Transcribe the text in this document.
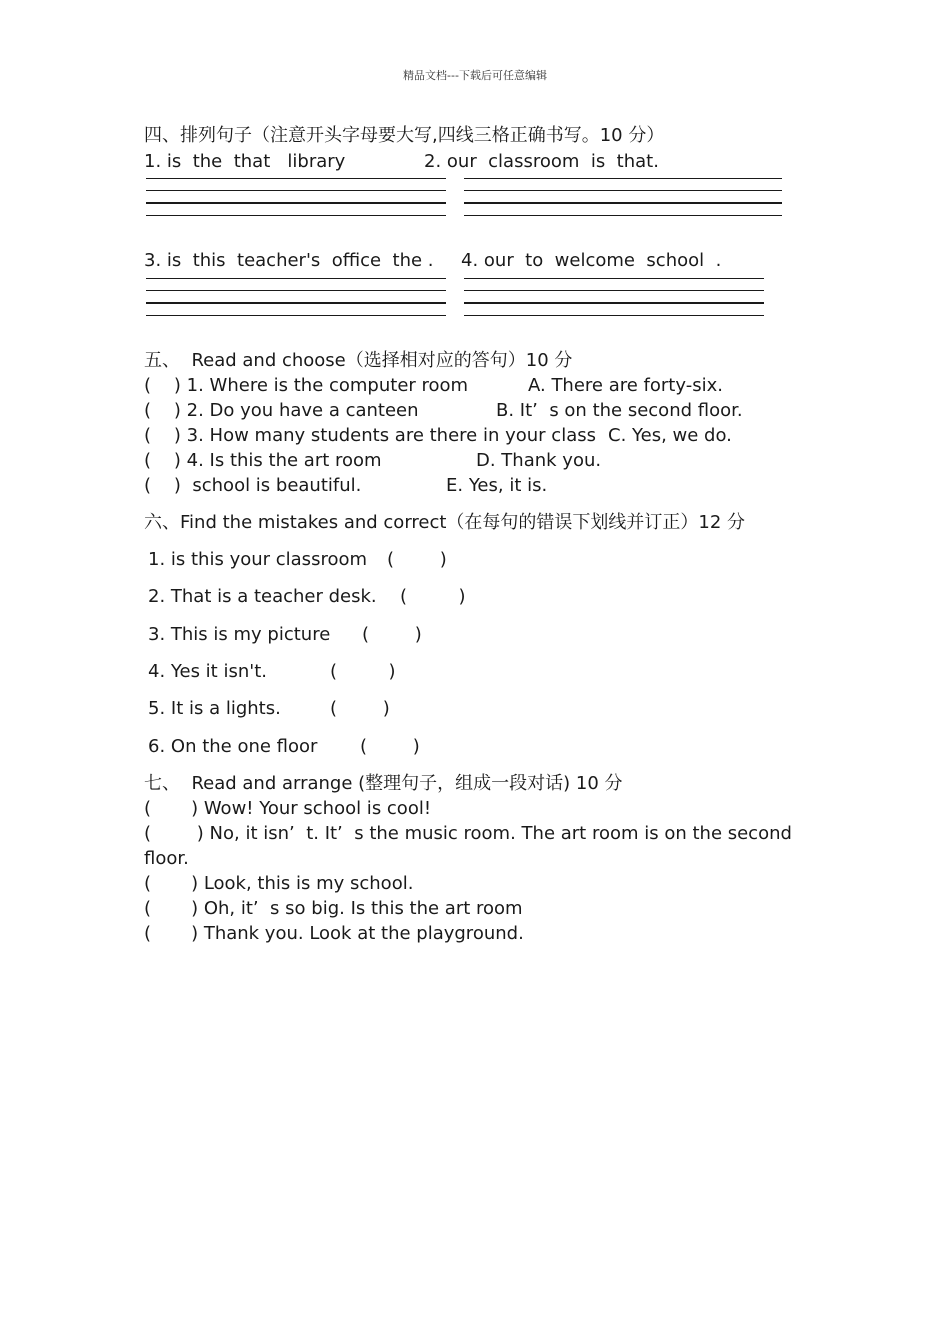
精品文档---下载后可任意编辑
四、排列句子（注意开头字母要大写,四线三格正确书写。10 分）
1. is  the  that   library	2. our  classroom  is  that.
3. is  this  teacher's  office  the . 4. our  to  welcome  school  .
五、  Read and choose（选择相对应的答句）10 分
(    ) 1. Where is the computer room	A. There are forty-six.
(    ) 2. Do you have a canteen	B. It’  s on the second floor.
(    ) 3. How many students are there in your class C. Yes, we do.
(    ) 4. Is this the art room	D. Thank you.
(    )  school is beautiful.	E. Yes, it is.
六、Find the mistakes and correct（在每句的错误下划线并订正）12 分
1. is this your classroom (        )
2. That is a teacher desk. (         )
3. This is my picture (        )
4. Yes it isn't.	(         )
5. It is a lights.	(        )
6. On the one floor (        )
七、  Read and arrange (整理句子，组成一段对话) 10 分
(       ) Wow! Your school is cool!
(        ) No, it isn’  t. It’  s the music room. The art room is on the second
floor.
(       ) Look, this is my school.
(       ) Oh, it’  s so big. Is this the art room
(       ) Thank you. Look at the playground.
